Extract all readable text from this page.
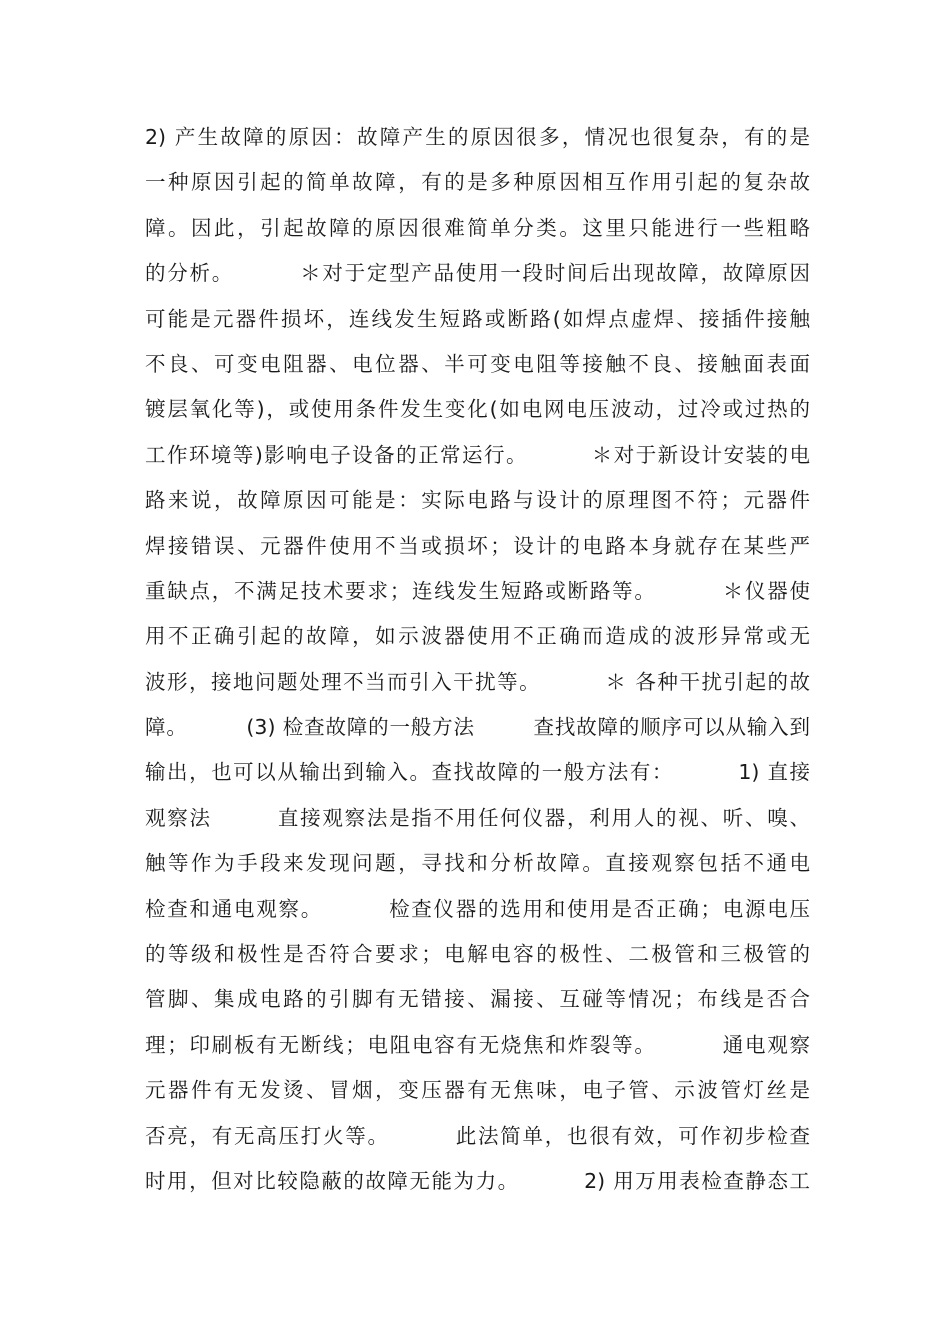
2) 产生故障的原因：故障产生的原因很多，情况也很复杂，有的是
一种原因引起的简单故障，有的是多种原因相互作用引起的复杂故
障。因此，引起故障的原因很难简单分类。这里只能进行一些粗略
的分析。        ＊对于定型产品使用一段时间后出现故障，故障原因
可能是元器件损坏，连线发生短路或断路(如焊点虚焊、接插件接触
不良、可变电阻器、电位器、半可变电阻等接触不良、接触面表面
镀层氧化等)，或使用条件发生变化(如电网电压波动，过冷或过热的
工作环境等)影响电子设备的正常运行。        ＊对于新设计安装的电
路来说，故障原因可能是：实际电路与设计的原理图不符；元器件
焊接错误、元器件使用不当或损坏；设计的电路本身就存在某些严
重缺点，不满足技术要求；连线发生短路或断路等。        ＊仪器使
用不正确引起的故障，如示波器使用不正确而造成的波形异常或无
波形，接地问题处理不当而引入干扰等。        ＊ 各种干扰引起的故
障。        (3) 检查故障的一般方法        查找故障的顺序可以从输入到
输出，也可以从输出到输入。查找故障的一般方法有：        1) 直接
观察法        直接观察法是指不用任何仪器，利用人的视、听、嗅、
触等作为手段来发现问题，寻找和分析故障。直接观察包括不通电
检查和通电观察。        检查仪器的选用和使用是否正确；电源电压
的等级和极性是否符合要求；电解电容的极性、二极管和三极管的
管脚、集成电路的引脚有无错接、漏接、互碰等情况；布线是否合
理；印刷板有无断线；电阻电容有无烧焦和炸裂等。        通电观察
元器件有无发烫、冒烟，变压器有无焦味，电子管、示波管灯丝是
否亮，有无高压打火等。        此法简单，也很有效，可作初步检查
时用，但对比较隐蔽的故障无能为力。        2) 用万用表检查静态工
